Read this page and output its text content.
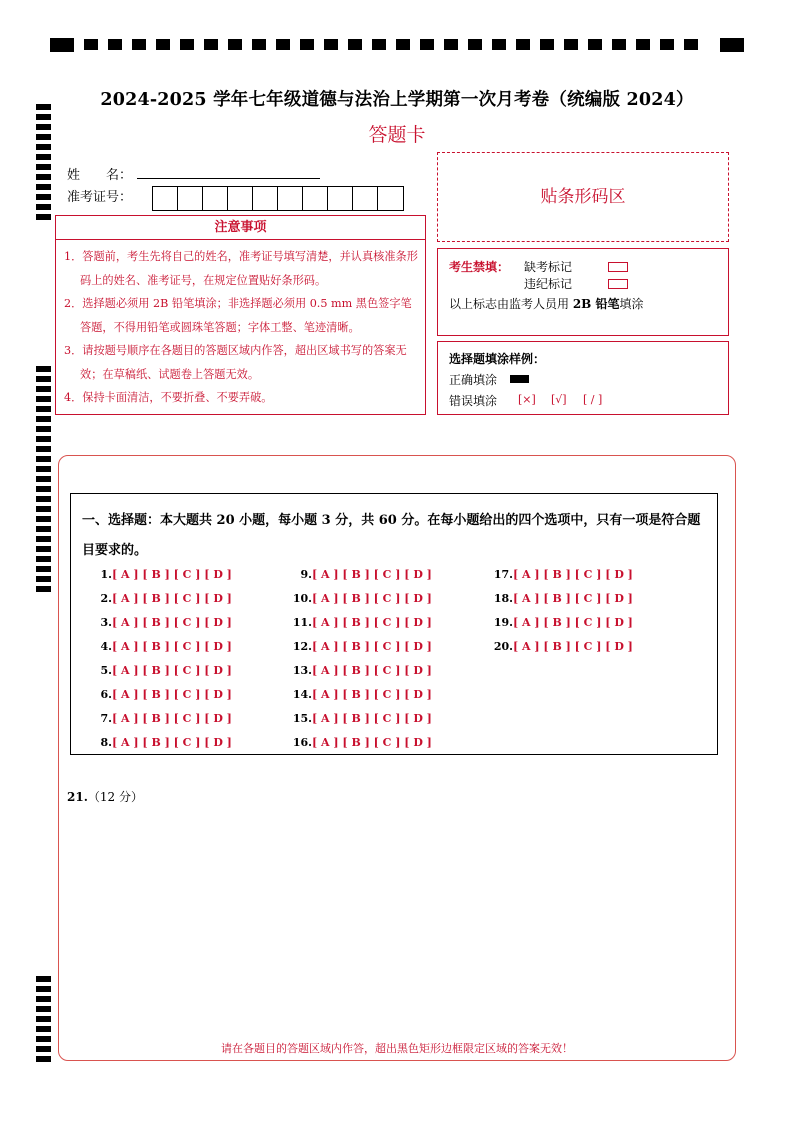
2024-2025 学年七年级道德与法治上学期第一次月考卷（统编版 2024）
答题卡
姓　　名：
准考证号：
注意事项
1．答题前，考生先将自己的姓名，准考证号填写清楚，并认真核准条形码上的姓名、准考证号，在规定位置贴好条形码。
2．选择题必须用 2B 铅笔填涂；非选择题必须用 0.5 mm 黑色签字笔答题，不得用铅笔或圆珠笔答题；字体工整、笔迹清晰。
3．请按题号顺序在各题目的答题区域内作答，超出区域书写的答案无效；在草稿纸、试题卷上答题无效。
4．保持卡面清洁，不要折叠、不要弄破。
贴条形码区
考生禁填： 缺考标记
违纪标记
以上标志由监考人员用 2B 铅笔填涂
选择题填涂样例：
正确填涂
错误填涂 [×] [√] [ / ]
一、选择题：本大题共 20 小题，每小题 3 分，共 60 分。在每小题给出的四个选项中，只有一项是符合题目要求的。
1.[ A ] [ B ] [ C ] [ D ]
2.[ A ] [ B ] [ C ] [ D ]
3.[ A ] [ B ] [ C ] [ D ]
4.[ A ] [ B ] [ C ] [ D ]
5.[ A ] [ B ] [ C ] [ D ]
6.[ A ] [ B ] [ C ] [ D ]
7.[ A ] [ B ] [ C ] [ D ]
8.[ A ] [ B ] [ C ] [ D ]
9.[ A ] [ B ] [ C ] [ D ]
10.[ A ] [ B ] [ C ] [ D ]
11.[ A ] [ B ] [ C ] [ D ]
12.[ A ] [ B ] [ C ] [ D ]
13.[ A ] [ B ] [ C ] [ D ]
14.[ A ] [ B ] [ C ] [ D ]
15.[ A ] [ B ] [ C ] [ D ]
16.[ A ] [ B ] [ C ] [ D ]
17.[ A ] [ B ] [ C ] [ D ]
18.[ A ] [ B ] [ C ] [ D ]
19.[ A ] [ B ] [ C ] [ D ]
20.[ A ] [ B ] [ C ] [ D ]
21.（12 分）
请在各题目的答题区域内作答，超出黑色矩形边框限定区域的答案无效！
